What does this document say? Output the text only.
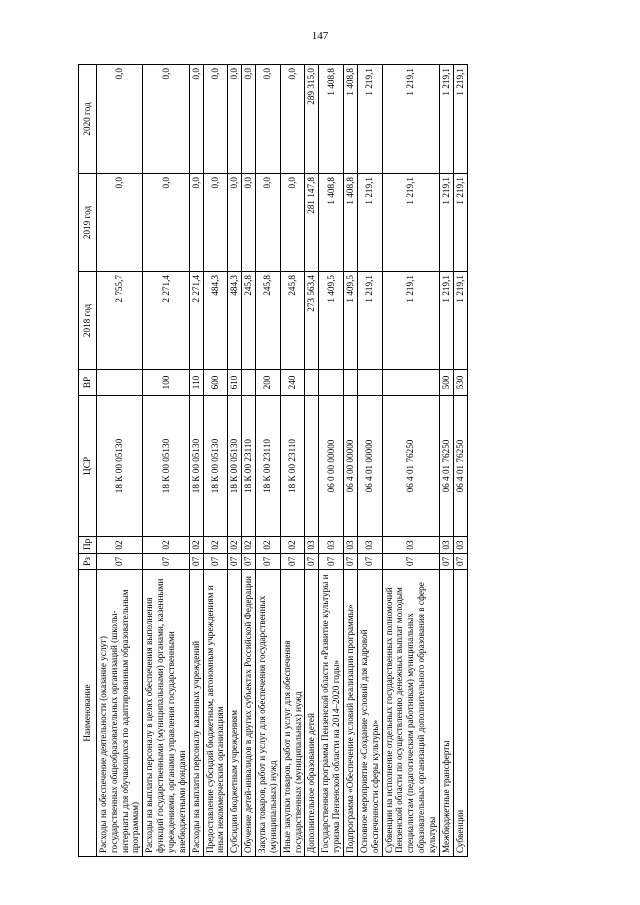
147
Наименование	Рз	Пр	ЦСР	ВР	2018 год	2019 год	2020 год
Расходы на обеспечение деятельности (оказание услуг) государственных общеобразовательных организаций (школы-интернаты для обучающихся по адаптированным образовательным программам)	07	02	18 К 00 05130		2 755,7	0,0	0,0
Расходы на выплаты персоналу в целях обеспечения выполнения функций государственными (муниципальными) органами, казенными учреждениями, органами управления государственными внебюджетными фондами	07	02	18 К 00 05130	100	2 271,4	0,0	0,0
Расходы на выплаты персоналу казенных учреждений	07	02	18 К 00 05130	110	2 271,4	0,0	0,0
Предоставление субсидий бюджетным, автономным учреждениям и иным некоммерческим организациям	07	02	18 К 00 05130	600	484,3	0,0	0,0
Субсидии бюджетным учреждениям	07	02	18 К 00 05130	610	484,3	0,0	0,0
Обучение детей-инвалидов в других субъектах Российской Федерации	07	02	18 К 00 23110		245,8	0,0	0,0
Закупка товаров, работ и услуг для обеспечения государственных (муниципальных) нужд	07	02	18 К 00 23110	200	245,8	0,0	0,0
Иные закупки товаров, работ и услуг для обеспечения государственных (муниципальных) нужд	07	02	18 К 00 23110	240	245,8	0,0	0,0
Дополнительное образование детей	07	03			273 563,4	281 147,8	289 315,0
Государственная программа Пензенской области «Развитие культуры и туризма Пензенской области на 2014–2020 годы»	07	03	06 0 00 00000		1 409,5	1 408,8	1 408,8
Подпрограмма «Обеспечение условий реализации программы»	07	03	06 4 00 00000		1 409,5	1 408,8	1 408,8
Основное мероприятие «Создание условий для кадровой обеспеченности сферы культуры»	07	03	06 4 01 00000		1 219,1	1 219,1	1 219,1
Субвенции на исполнение отдельных государственных полномочий Пензенской области по осуществлению денежных выплат молодым специалистам (педагогическим работникам) муниципальных образовательных организаций дополнительного образования в сфере культуры	07	03	06 4 01 76250		1 219,1	1 219,1	1 219,1
Межбюджетные трансферты	07	03	06 4 01 76250	500	1 219,1	1 219,1	1 219,1
Субвенции	07	03	06 4 01 76250	530	1 219,1	1 219,1	1 219,1
